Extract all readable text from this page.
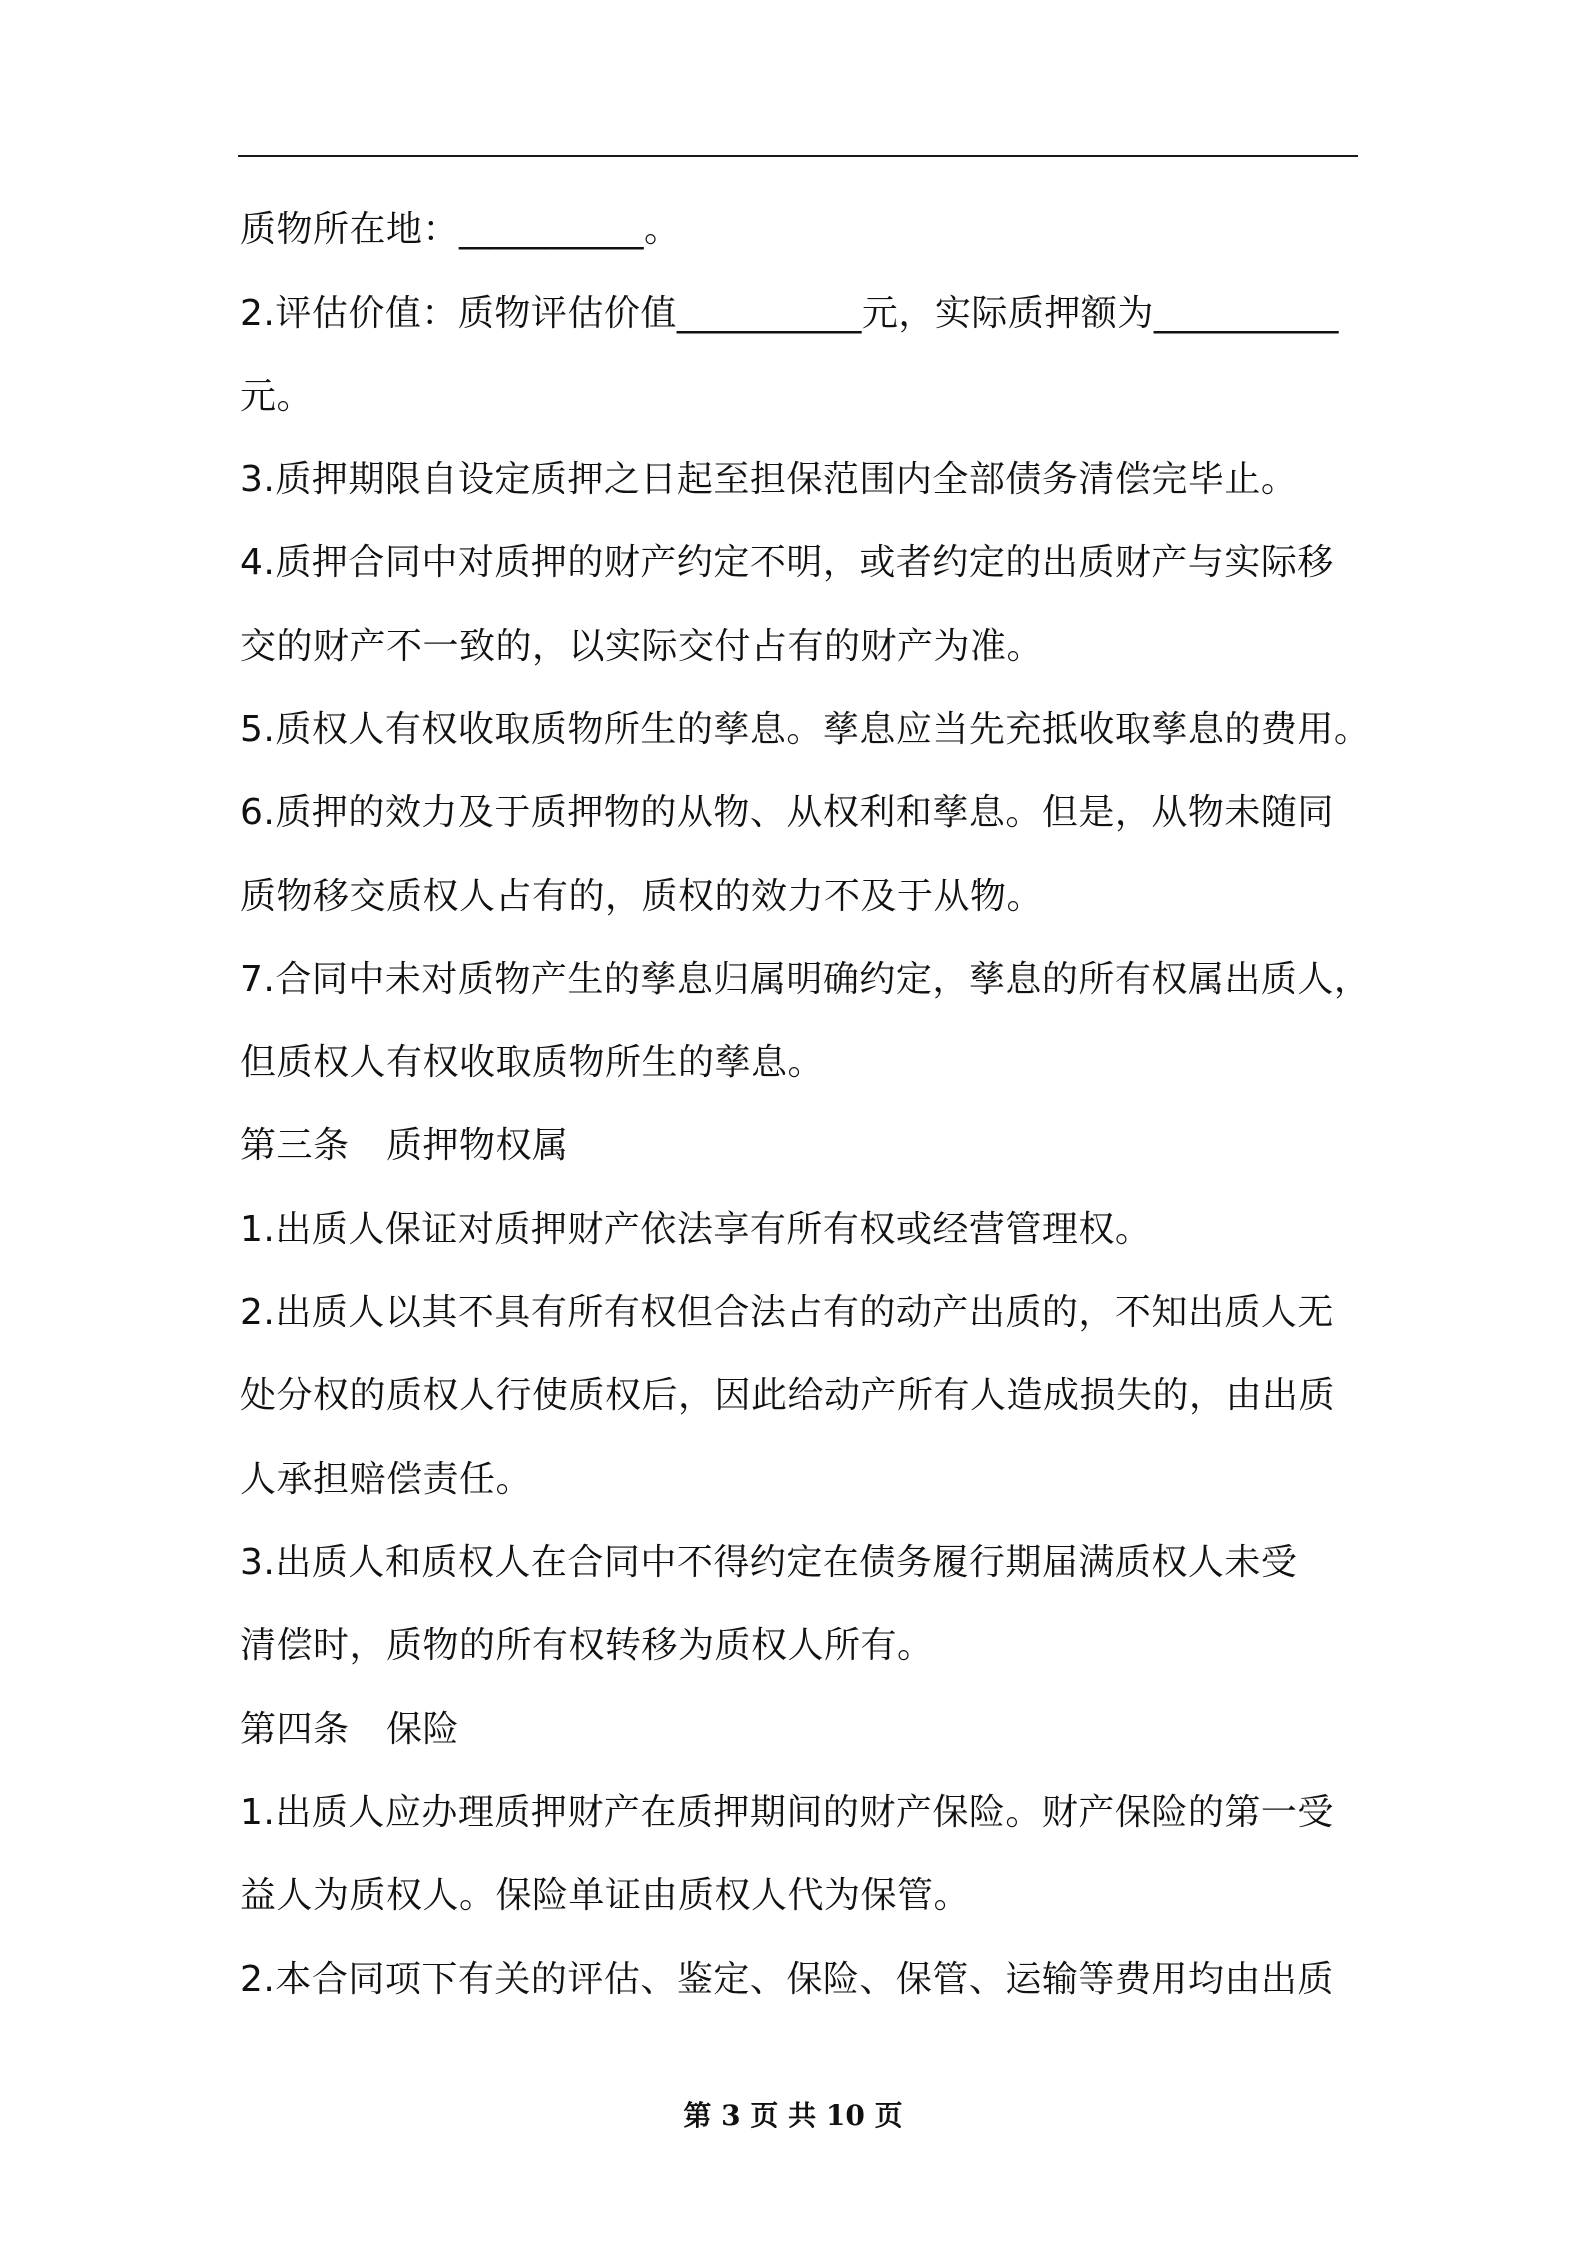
质物所在地：__________。
2.评估价值：质物评估价值__________元，实际质押额为__________
元。
3.质押期限自设定质押之日起至担保范围内全部债务清偿完毕止。
4.质押合同中对质押的财产约定不明，或者约定的出质财产与实际移
交的财产不一致的，以实际交付占有的财产为准。
5.质权人有权收取质物所生的孳息。孳息应当先充抵收取孳息的费用。
6.质押的效力及于质押物的从物、从权利和孳息。但是，从物未随同
质物移交质权人占有的，质权的效力不及于从物。
7.合同中未对质物产生的孳息归属明确约定，孳息的所有权属出质人，
但质权人有权收取质物所生的孳息。
第三条　质押物权属
1.出质人保证对质押财产依法享有所有权或经营管理权。
2.出质人以其不具有所有权但合法占有的动产出质的，不知出质人无
处分权的质权人行使质权后，因此给动产所有人造成损失的，由出质
人承担赔偿责任。
3.出质人和质权人在合同中不得约定在债务履行期届满质权人未受
清偿时，质物的所有权转移为质权人所有。
第四条　保险
1.出质人应办理质押财产在质押期间的财产保险。财产保险的第一受
益人为质权人。保险单证由质权人代为保管。
2.本合同项下有关的评估、鉴定、保险、保管、运输等费用均由出质
第 3 页 共 10 页
